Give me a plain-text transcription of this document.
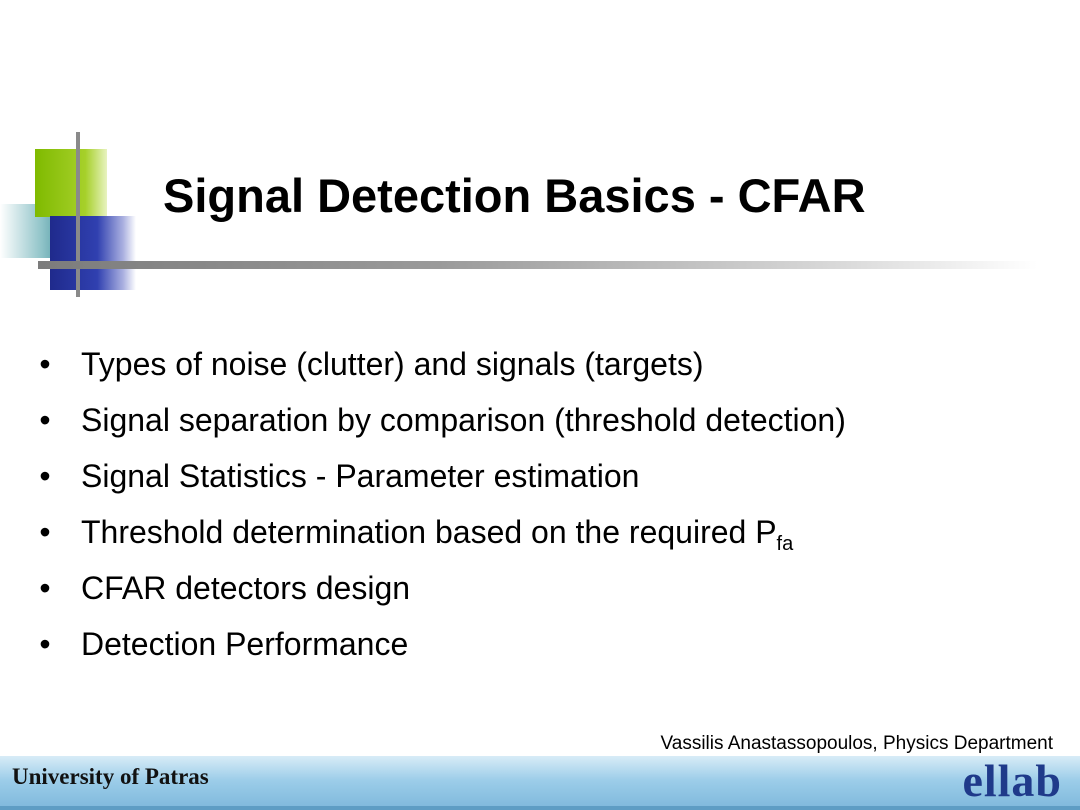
Signal Detection Basics - CFAR
• Types of noise (clutter) and signals (targets)
• Signal separation by comparison (threshold detection)
• Signal Statistics - Parameter estimation
• Threshold determination based on the required $P_{fa}$
• CFAR detectors design
• Detection Performance
Vassilis Anastassopoulos, Physics Department
University of Patras	ellab
